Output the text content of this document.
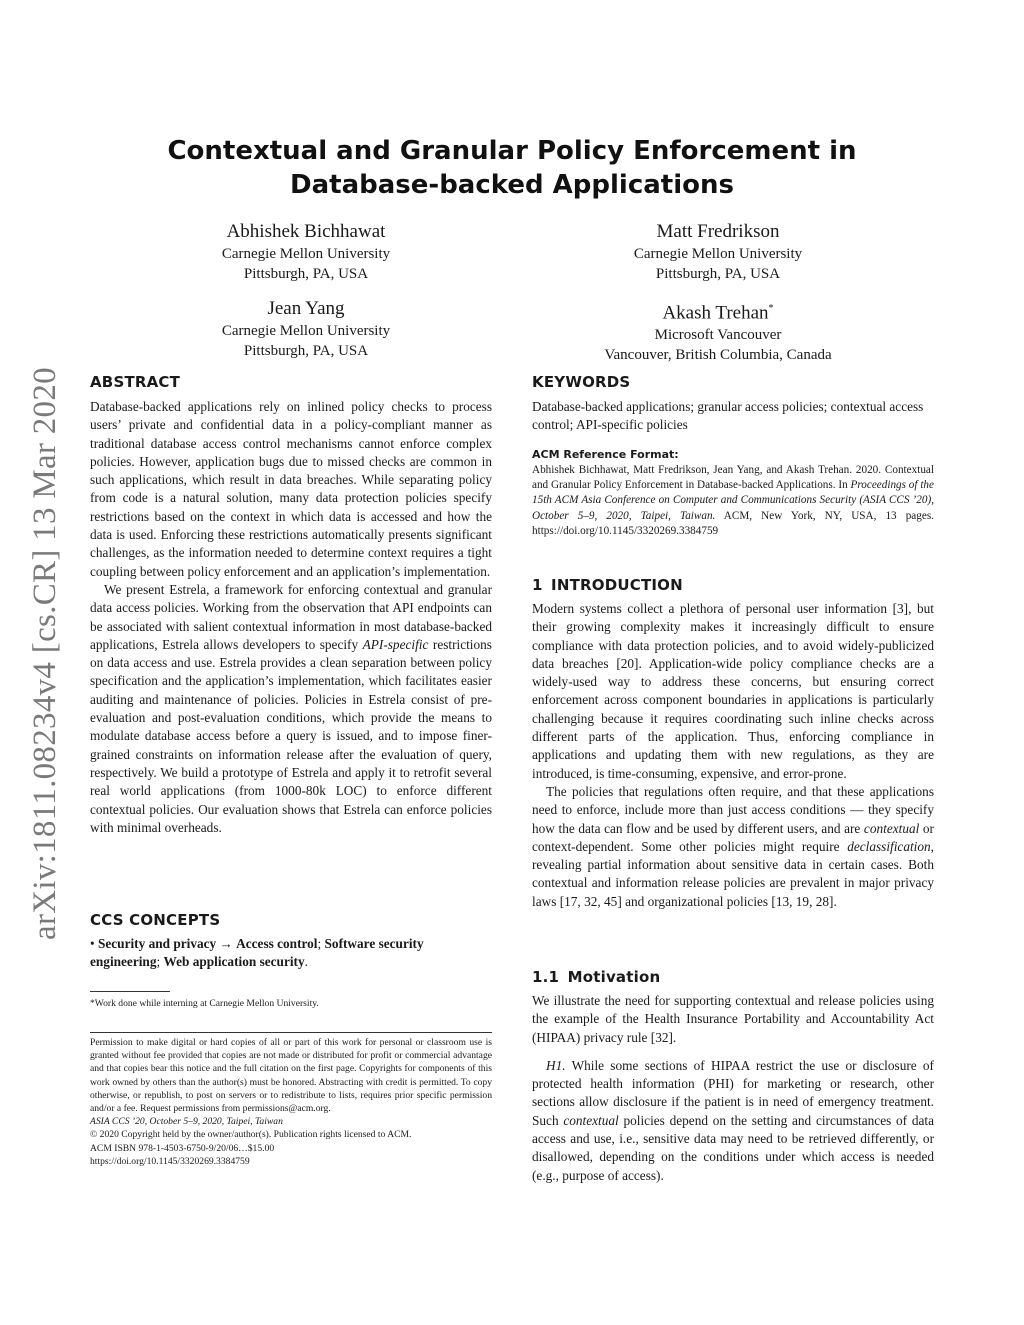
arXiv:1811.08234v4 [cs.CR] 13 Mar 2020
Contextual and Granular Policy Enforcement in
Database-backed Applications
Abhishek Bichhawat
Carnegie Mellon University
Pittsburgh, PA, USA
Matt Fredrikson
Carnegie Mellon University
Pittsburgh, PA, USA
Jean Yang
Carnegie Mellon University
Pittsburgh, PA, USA
Akash Trehan*
Microsoft Vancouver
Vancouver, British Columbia, Canada
ABSTRACT

Database-backed applications rely on inlined policy checks to process users’ private and confidential data in a policy-compliant manner as traditional database access control mechanisms cannot enforce complex policies. However, application bugs due to missed checks are common in such applications, which result in data breaches. While separating policy from code is a natural solution, many data protection policies specify restrictions based on the context in which data is accessed and how the data is used. Enforcing these restrictions automatically presents significant challenges, as the information needed to determine context requires a tight coupling between policy enforcement and an application’s implementation.

We present Estrela, a framework for enforcing contextual and granular data access policies. Working from the observation that API endpoints can be associated with salient contextual information in most database-backed applications, Estrela allows developers to specify API-specific restrictions on data access and use. Estrela provides a clean separation between policy specification and the application’s implementation, which facilitates easier auditing and maintenance of policies. Policies in Estrela consist of pre-evaluation and post-evaluation conditions, which provide the means to modulate database access before a query is issued, and to impose finer-grained constraints on information release after the evaluation of query, respectively. We build a prototype of Estrela and apply it to retrofit several real world applications (from 1000-80k LOC) to enforce different contextual policies. Our evaluation shows that Estrela can enforce policies with minimal overheads.

CCS CONCEPTS
• Security and privacy → Access control; Software security engineering; Web application security.
*Work done while interning at Carnegie Mellon University.

Permission to make digital or hard copies of all or part of this work for personal or classroom use is granted without fee provided that copies are not made or distributed for profit or commercial advantage and that copies bear this notice and the full citation on the first page. Copyrights for components of this work owned by others than the author(s) must be honored. Abstracting with credit is permitted. To copy otherwise, or republish, to post on servers or to redistribute to lists, requires prior specific permission and/or a fee. Request permissions from permissions@acm.org.

ASIA CCS ’20, October 5–9, 2020, Taipei, Taiwan

© 2020 Copyright held by the owner/author(s). Publication rights licensed to ACM.

ACM ISBN 978-1-4503-6750-9/20/06…$15.00

https://doi.org/10.1145/3320269.3384759

KEYWORDS
Database-backed applications; granular access policies; contextual access control; API-specific policies
ACM Reference Format:
Abhishek Bichhawat, Matt Fredrikson, Jean Yang, and Akash Trehan. 2020. Contextual and Granular Policy Enforcement in Database-backed Applications. In Proceedings of the 15th ACM Asia Conference on Computer and Communications Security (ASIA CCS ’20), October 5–9, 2020, Taipei, Taiwan. ACM, New York, NY, USA, 13 pages. https://doi.org/10.1145/3320269.3384759
1 INTRODUCTION

Modern systems collect a plethora of personal user information [3], but their growing complexity makes it increasingly difficult to ensure compliance with data protection policies, and to avoid widely-publicized data breaches [20]. Application-wide policy compliance checks are a widely-used way to address these concerns, but ensuring correct enforcement across component boundaries in applications is particularly challenging because it requires coordinating such inline checks across different parts of the application. Thus, enforcing compliance in applications and updating them with new regulations, as they are introduced, is time-consuming, expensive, and error-prone.

The policies that regulations often require, and that these applications need to enforce, include more than just access conditions — they specify how the data can flow and be used by different users, and are contextual or context-dependent. Some other policies might require declassification, revealing partial information about sensitive data in certain cases. Both contextual and information release policies are prevalent in major privacy laws [17, 32, 45] and organizational policies [13, 19, 28].

1.1 Motivation

We illustrate the need for supporting contextual and release policies using the example of the Health Insurance Portability and Accountability Act (HIPAA) privacy rule [32].

H1. While some sections of HIPAA restrict the use or disclosure of protected health information (PHI) for marketing or research, other sections allow disclosure if the patient is in need of emergency treatment. Such contextual policies depend on the setting and circumstances of data access and use, i.e., sensitive data may need to be retrieved differently, or disallowed, depending on the conditions under which access is needed (e.g., purpose of access).
